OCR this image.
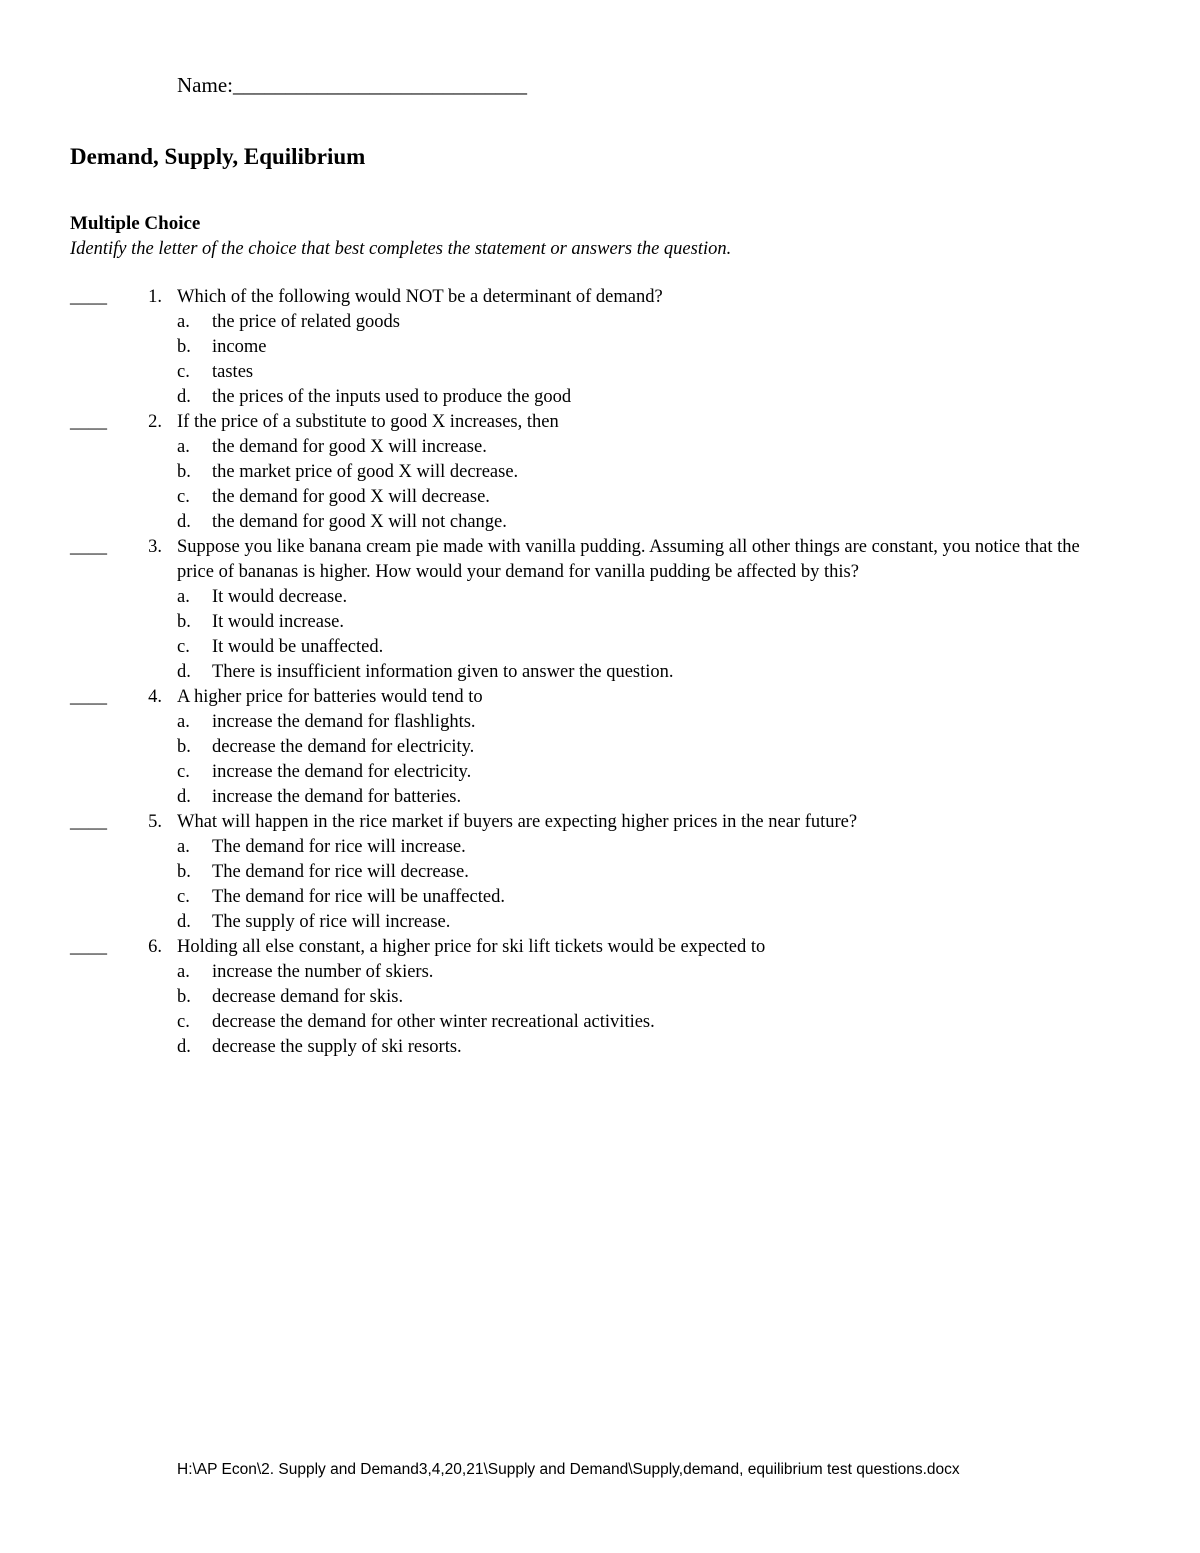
Name:____________________________
Demand, Supply, Equilibrium
Multiple Choice
Identify the letter of the choice that best completes the statement or answers the question.
____	1. Which of the following would NOT be a determinant of demand?
a. the price of related goods
b. income
c. tastes
d. the prices of the inputs used to produce the good
____	2. If the price of a substitute to good X increases, then
a. the demand for good X will increase.
b. the market price of good X will decrease.
c. the demand for good X will decrease.
d. the demand for good X will not change.
____	3. Suppose you like banana cream pie made with vanilla pudding. Assuming all other things are constant, you notice that the price of bananas is higher. How would your demand for vanilla pudding be affected by this?
a. It would decrease.
b. It would increase.
c. It would be unaffected.
d. There is insufficient information given to answer the question.
____	4. A higher price for batteries would tend to
a. increase the demand for flashlights.
b. decrease the demand for electricity.
c. increase the demand for electricity.
d. increase the demand for batteries.
____	5. What will happen in the rice market if buyers are expecting higher prices in the near future?
a. The demand for rice will increase.
b. The demand for rice will decrease.
c. The demand for rice will be unaffected.
d. The supply of rice will increase.
____	6. Holding all else constant, a higher price for ski lift tickets would be expected to
a. increase the number of skiers.
b. decrease demand for skis.
c. decrease the demand for other winter recreational activities.
d. decrease the supply of ski resorts.
H:\AP Econ\2. Supply and Demand3,4,20,21\Supply and Demand\Supply,demand, equilibrium test questions.docx
